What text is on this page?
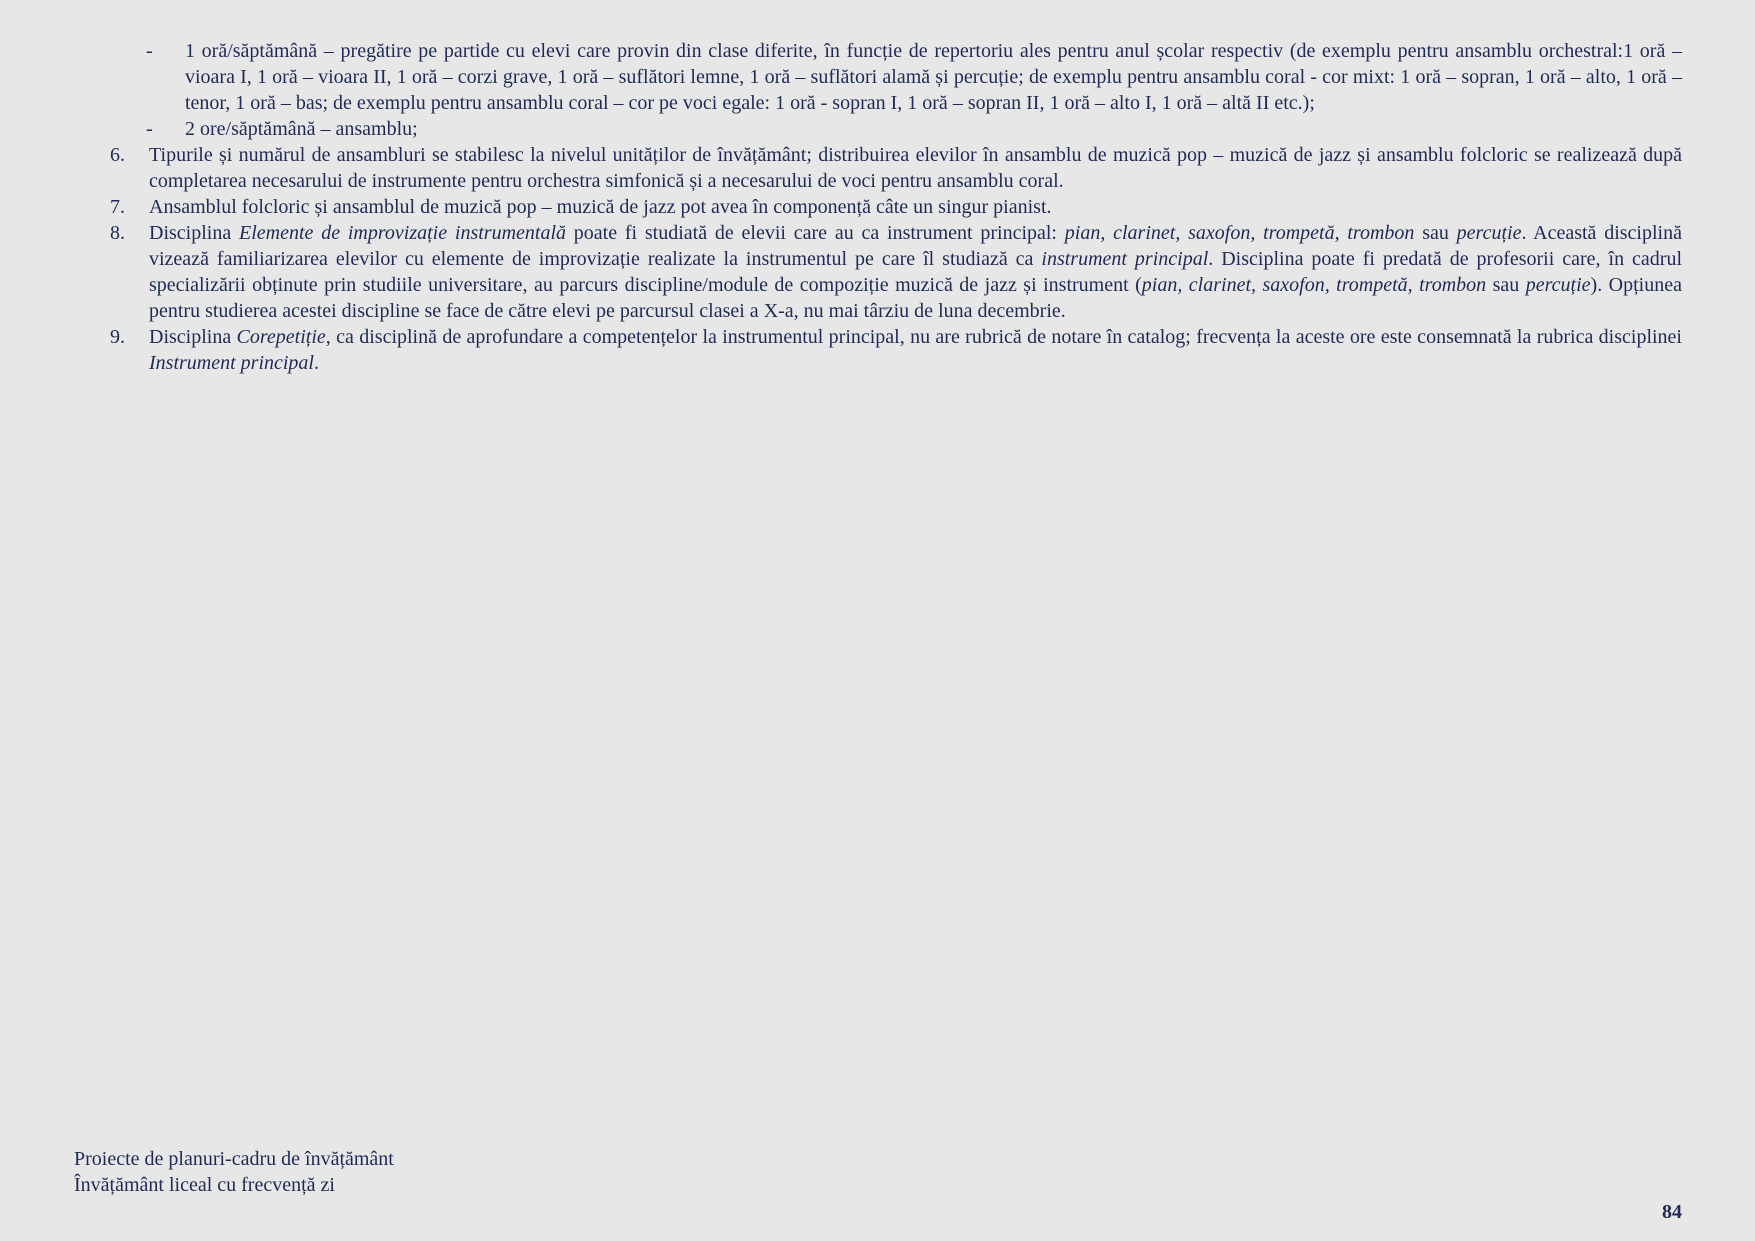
- 1 oră/săptămână – pregătire pe partide cu elevi care provin din clase diferite, în funcție de repertoriu ales pentru anul școlar respectiv (de exemplu pentru ansamblu orchestral:1 oră – vioara I, 1 oră – vioara II, 1 oră – corzi grave, 1 oră – suflători lemne, 1 oră – suflători alamă și percuție; de exemplu pentru ansamblu coral - cor mixt: 1 oră – sopran, 1 oră – alto, 1 oră – tenor, 1 oră – bas; de exemplu pentru ansamblu coral – cor pe voci egale: 1 oră - sopran I, 1 oră – sopran II, 1 oră – alto I, 1 oră – altă II etc.);
- 2 ore/săptămână – ansamblu;
6. Tipurile și numărul de ansambluri se stabilesc la nivelul unităților de învățământ; distribuirea elevilor în ansamblu de muzică pop – muzică de jazz și ansamblu folcloric se realizează după completarea necesarului de instrumente pentru orchestra simfonică și a necesarului de voci pentru ansamblu coral.
7. Ansamblul folcloric și ansamblul de muzică pop – muzică de jazz pot avea în componență câte un singur pianist.
8. Disciplina Elemente de improvizație instrumentală poate fi studiată de elevii care au ca instrument principal: pian, clarinet, saxofon, trompetă, trombon sau percuție. Această disciplină vizează familiarizarea elevilor cu elemente de improvizație realizate la instrumentul pe care îl studiază ca instrument principal. Disciplina poate fi predată de profesorii care, în cadrul specializării obținute prin studiile universitare, au parcurs discipline/module de compoziție muzică de jazz și instrument (pian, clarinet, saxofon, trompetă, trombon sau percuție). Opțiunea pentru studierea acestei discipline se face de către elevi pe parcursul clasei a X-a, nu mai târziu de luna decembrie.
9. Disciplina Corepetiție, ca disciplină de aprofundare a competențelor la instrumentul principal, nu are rubrică de notare în catalog; frecvența la aceste ore este consemnată la rubrica disciplinei Instrument principal.
Proiecte de planuri-cadru de învățământ
Învățământ liceal cu frecvență zi
84
